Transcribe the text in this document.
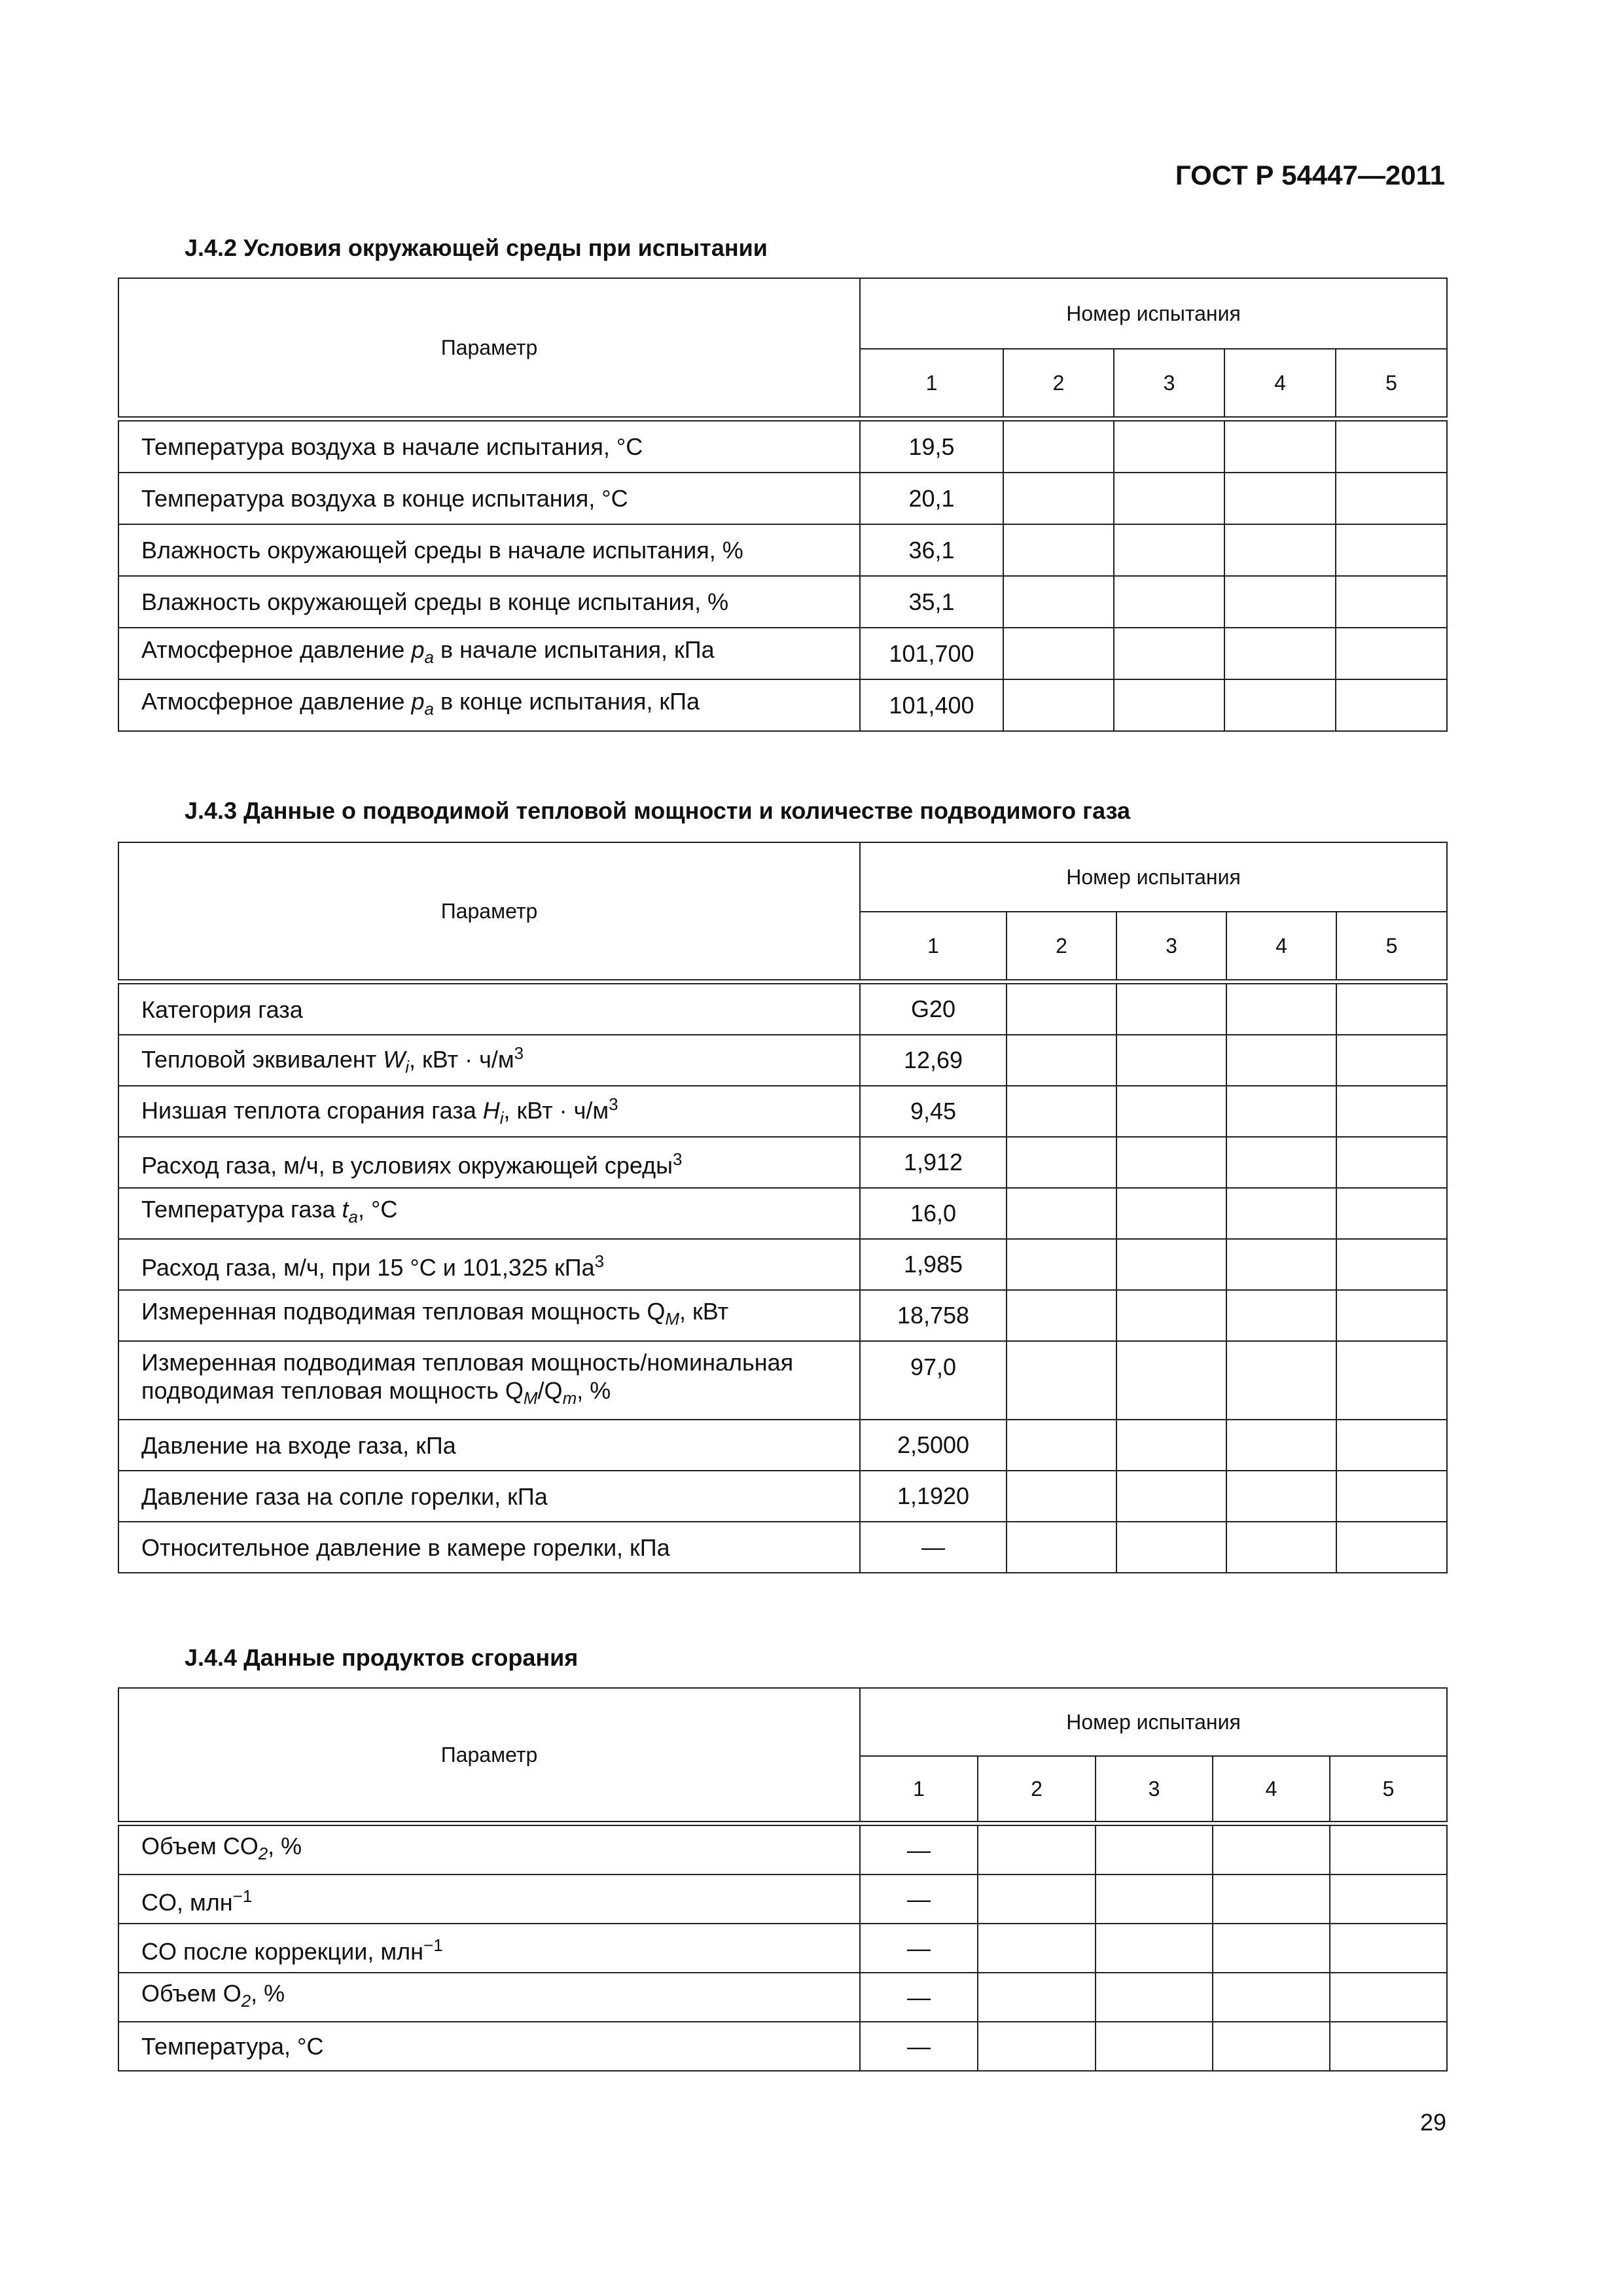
ГОСТ Р 54447—2011
J.4.2 Условия окружающей среды при испытании
Параметр	Номер испытания				
	1	2	3	4	5

Температура воздуха в начале испытания, °С	19,5				
Температура воздуха в конце испытания, °С	20,1				
Влажность окружающей среды в начале испытания, %	36,1				
Влажность окружающей среды в конце испытания, %	35,1				
Атмосферное давление $p_a$ в начале испытания, кПа	101,700				
Атмосферное давление $p_a$ в конце испытания, кПа	101,400				
J.4.3 Данные о подводимой тепловой мощности и количестве подводимого газа
Параметр	Номер испытания				
	1	2	3	4	5

Категория газа	G20				
Тепловой эквивалент $W_i$, кВт · $ч/м^3$	12,69				
Низшая теплота сгорания газа $H_i$, кВт · $ч/м^3$	9,45				
Расход газа, м/ч, в условиях окружающей среды$^3$	1,912				
Температура газа $t_a$, °С	16,0				
Расход газа, м/ч, при 15 °С и 101,325 кПа$^3$	1,985				
Измеренная подводимая тепловая мощность $Q_M$, кВт	18,758				
Измеренная подводимая тепловая мощность/номинальная подводимая тепловая мощность $Q_M/Q_m$, %	97,0				
Давление на входе газа, кПа	2,5000				
Давление газа на сопле горелки, кПа	1,1920				
Относительное давление в камере горелки, кПа	—				
J.4.4 Данные продуктов сгорания
Параметр	Номер испытания				
	1	2	3	4	5

Объем $CO_2$, %	—				
CO, млн$^{-1}$	—				
CO после коррекции, млн$^{-1}$	—				
Объем $O_2$, %	—				
Температура, °С	—				
29
